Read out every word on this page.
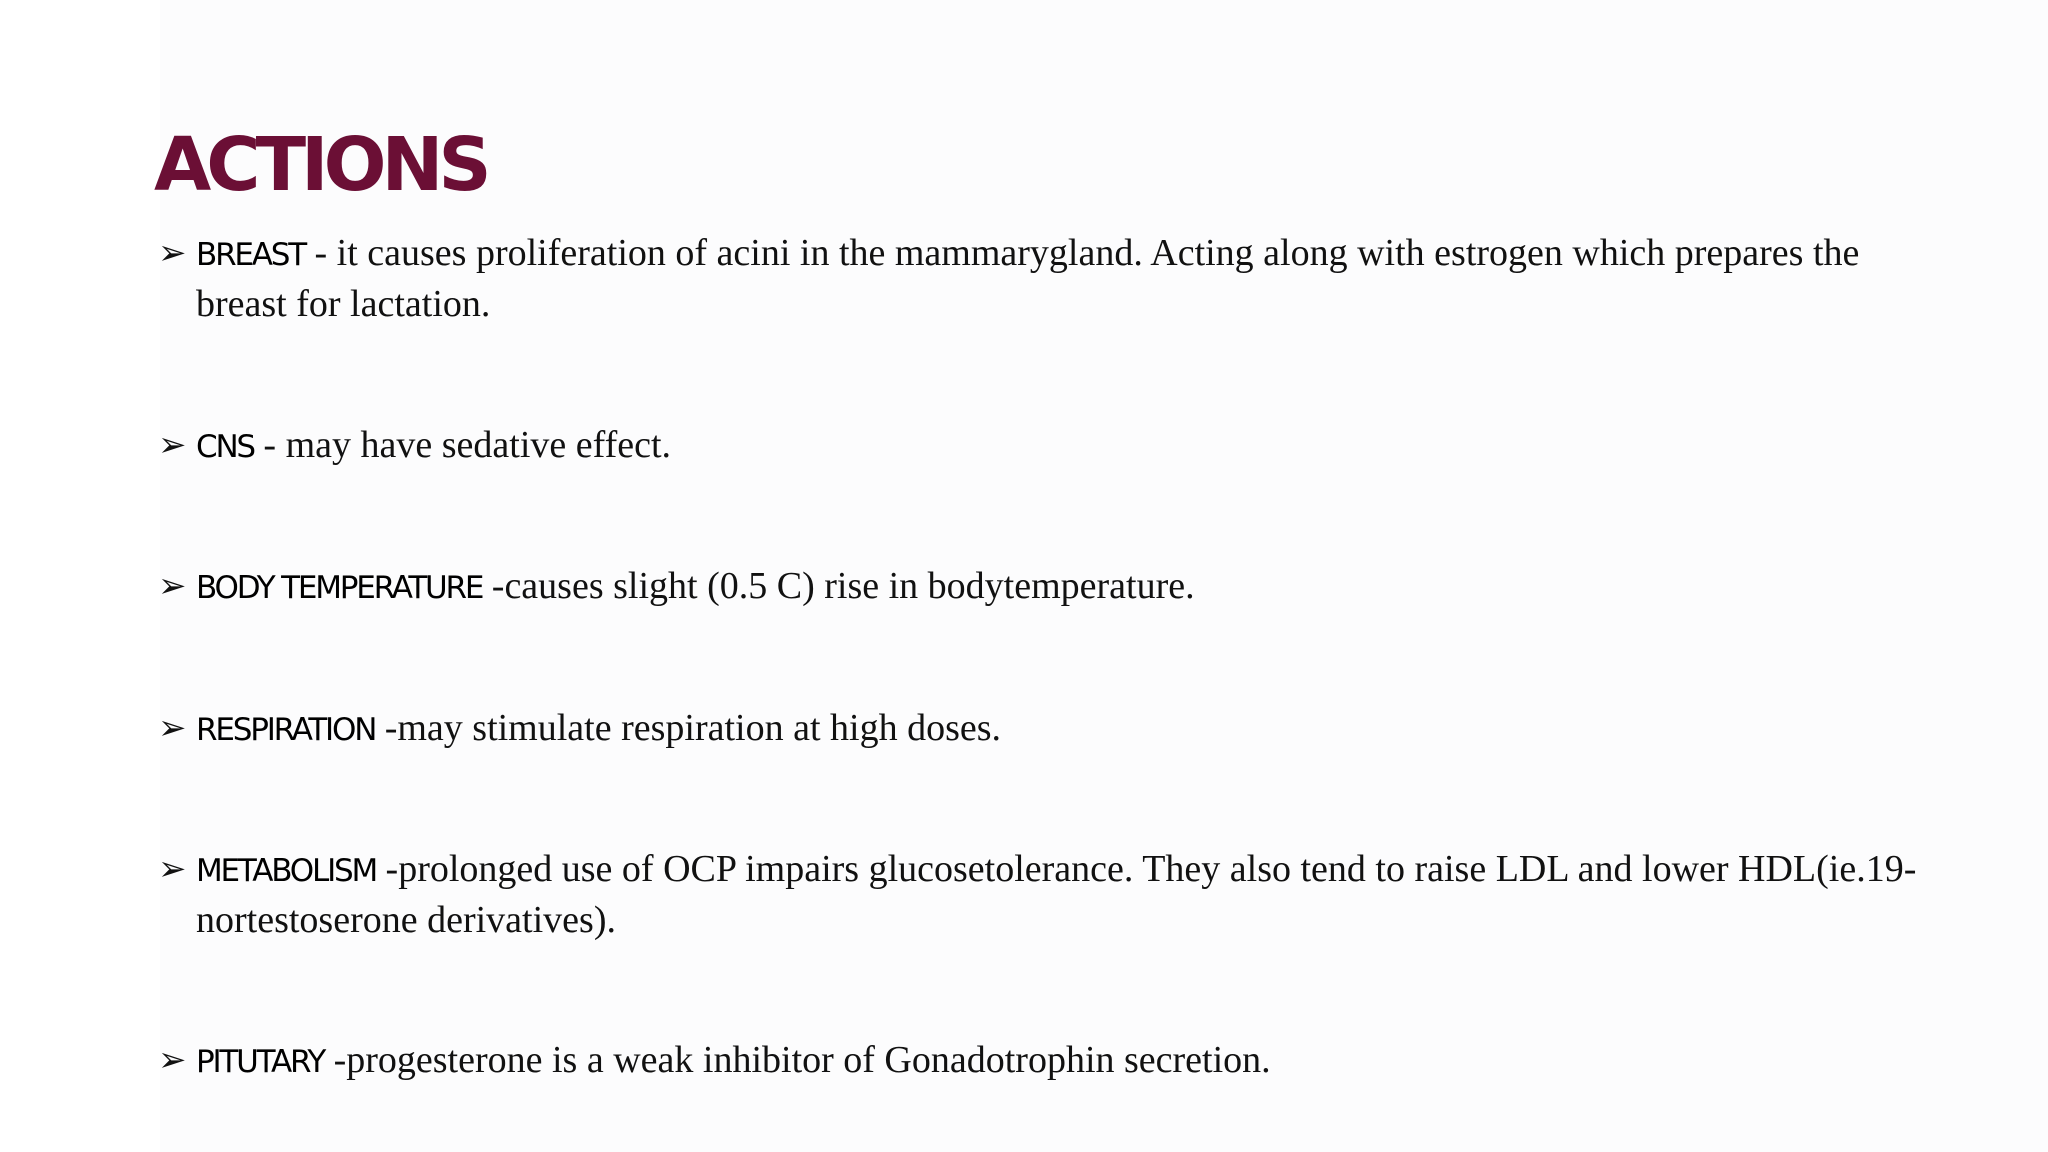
ACTIONS
➢ BREAST - it causes proliferation of acini in the mammarygland. Acting along with estrogen which prepares the breast for lactation.
➢ CNS - may have sedative effect.
➢ BODY TEMPERATURE -causes slight (0.5 C) rise in bodytemperature.
➢ RESPIRATION -may stimulate respiration at high doses.
➢ METABOLISM -prolonged use of OCP impairs glucosetolerance. They also tend to raise LDL and lower HDL(ie.19-nortestoserone derivatives).
➢ PITUTARY -progesterone is a weak inhibitor of Gonadotrophin secretion.
